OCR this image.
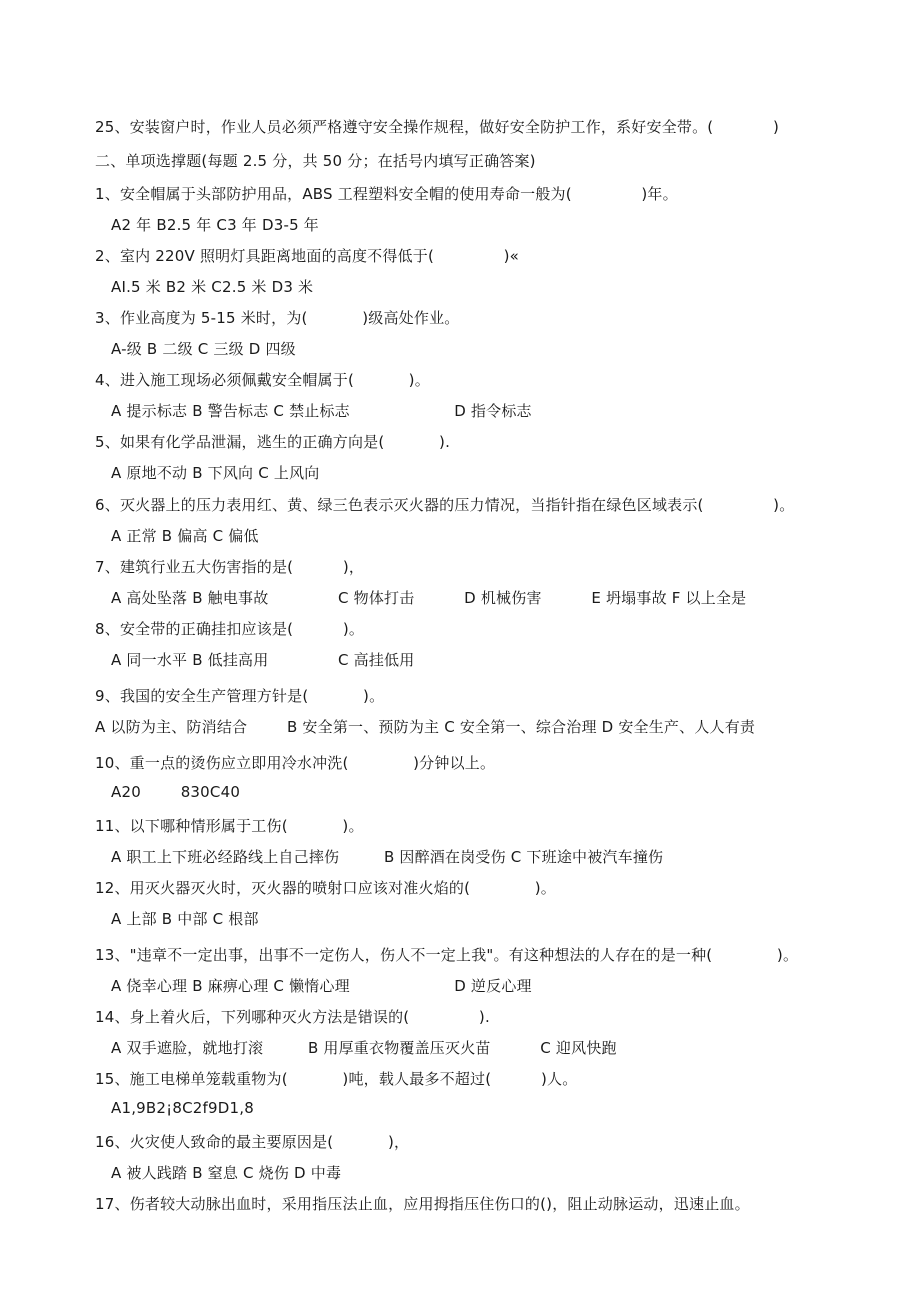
25、安装窗户时，作业人员必须严格遵守安全操作规程，做好安全防护工作，系好安全带。(            )
二、单项选撑题(每题 2.5 分，共 50 分；在括号内填写正确答案)
1、安全帽属于头部防护用品，ABS 工程塑料安全帽的使用寿命一般为(              )年。
A2 年 B2.5 年 C3 年 D3-5 年
2、室内 220V 照明灯具距离地面的高度不得低于(              )«
AI.5 米 B2 米 C2.5 米 D3 米
3、作业高度为 5-15 米时，为(           )级高处作业。
A-级 B 二级 C 三级 D 四级
4、进入施工现场必须佩戴安全帽属于(           )。
A 提示标志 B 警告标志 C 禁止标志                     D 指令标志
5、如果有化学品泄漏，逃生的正确方向是(           ).
A 原地不动 B 下风向 C 上风向
6、灭火器上的压力表用红、黄、绿三色表示灭火器的压力情况，当指针指在绿色区域表示(              )。
A 正常 B 偏高 C 偏低
7、建筑行业五大伤害指的是(          )，
A 高处坠落 B 触电事故              C 物体打击          D 机械伤害          E 坍塌事故 F 以上全是
8、安全带的正确挂扣应该是(          )。
A 同一水平 B 低挂高用              C 高挂低用
9、我国的安全生产管理方针是(           )。
A 以防为主、防消结合        B 安全第一、预防为主 C 安全第一、综合治理 D 安全生产、人人有责
10、重一点的烫伤应立即用冷水冲洗(             )分钟以上。
A20        830C40
11、以下哪种情形属于工伤(           )。
A 职工上下班必经路线上自己摔伤         B 因醉酒在岗受伤 C 下班途中被汽车撞伤
12、用灭火器灭火时，灭火器的喷射口应该对准火焰的(             )。
A 上部 B 中部 C 根部
13、"违章不一定出事，出事不一定伤人，伤人不一定上我"。有这种想法的人存在的是一种(             )。
A 侥幸心理 B 麻痹心理 C 懒惰心理                     D 逆反心理
14、身上着火后，下列哪种灭火方法是错误的(              ).
A 双手遮脸，就地打滚         B 用厚重衣物覆盖压灭火苗          C 迎风快跑
15、施工电梯单笼载重物为(           )吨，载人最多不超过(          )人。
A1,9B2¡8C2f9D1,8
16、火灾使人致命的最主要原因是(           )，
A 被人践踏 B 窒息 C 烧伤 D 中毒
17、伤者较大动脉出血时，采用指压法止血，应用拇指压住伤口的()，阻止动脉运动，迅速止血。
